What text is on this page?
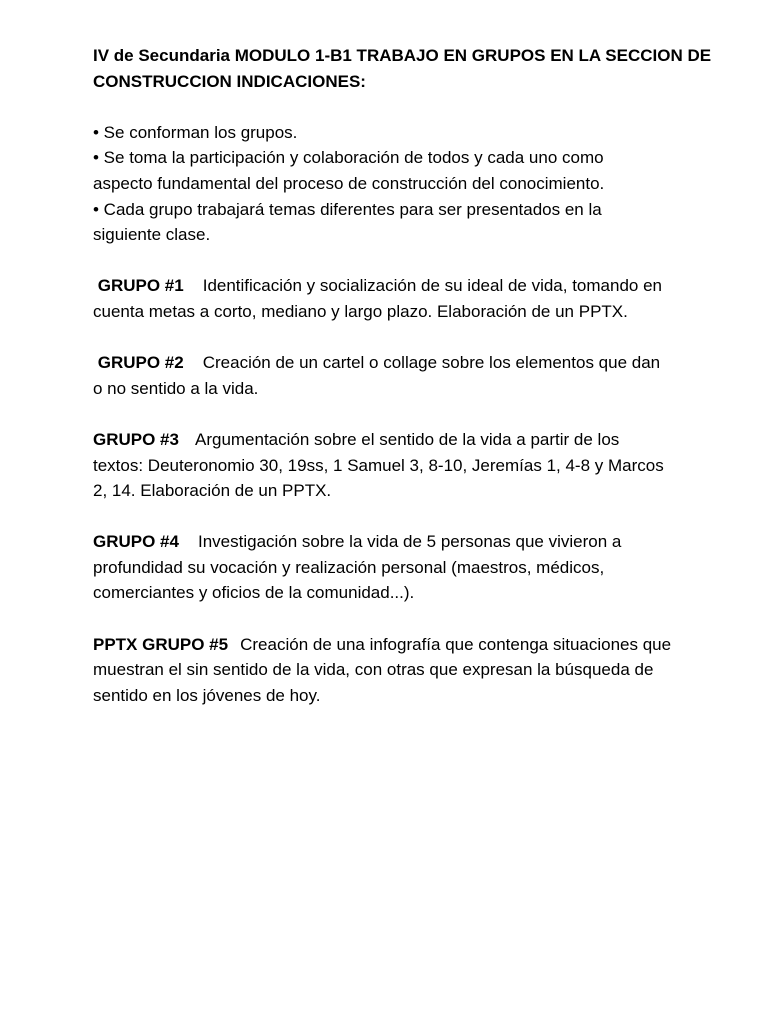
IV de Secundaria MODULO 1-B1 TRABAJO EN GRUPOS EN LA SECCION DE
CONSTRUCCION INDICACIONES:
• Se conforman los grupos.
• Se toma la participación y colaboración de todos y cada uno como
aspecto fundamental del proceso de construcción del conocimiento.
• Cada grupo trabajará temas diferentes para ser presentados en la
siguiente clase.
GRUPO #1 Identificación y socialización de su ideal de vida, tomando en
cuenta metas a corto, mediano y largo plazo. Elaboración de un PPTX.
GRUPO #2 Creación de un cartel o collage sobre los elementos que dan
o no sentido a la vida.
GRUPO #3 Argumentación sobre el sentido de la vida a partir de los
textos: Deuteronomio 30, 19ss, 1 Samuel 3, 8-10, Jeremías 1, 4-8 y Marcos
2, 14. Elaboración de un PPTX.
GRUPO #4 Investigación sobre la vida de 5 personas que vivieron a
profundidad su vocación y realización personal (maestros, médicos,
comerciantes y oficios de la comunidad...).
PPTX GRUPO #5 Creación de una infografía que contenga situaciones que
muestran el sin sentido de la vida, con otras que expresan la búsqueda de
sentido en los jóvenes de hoy.
